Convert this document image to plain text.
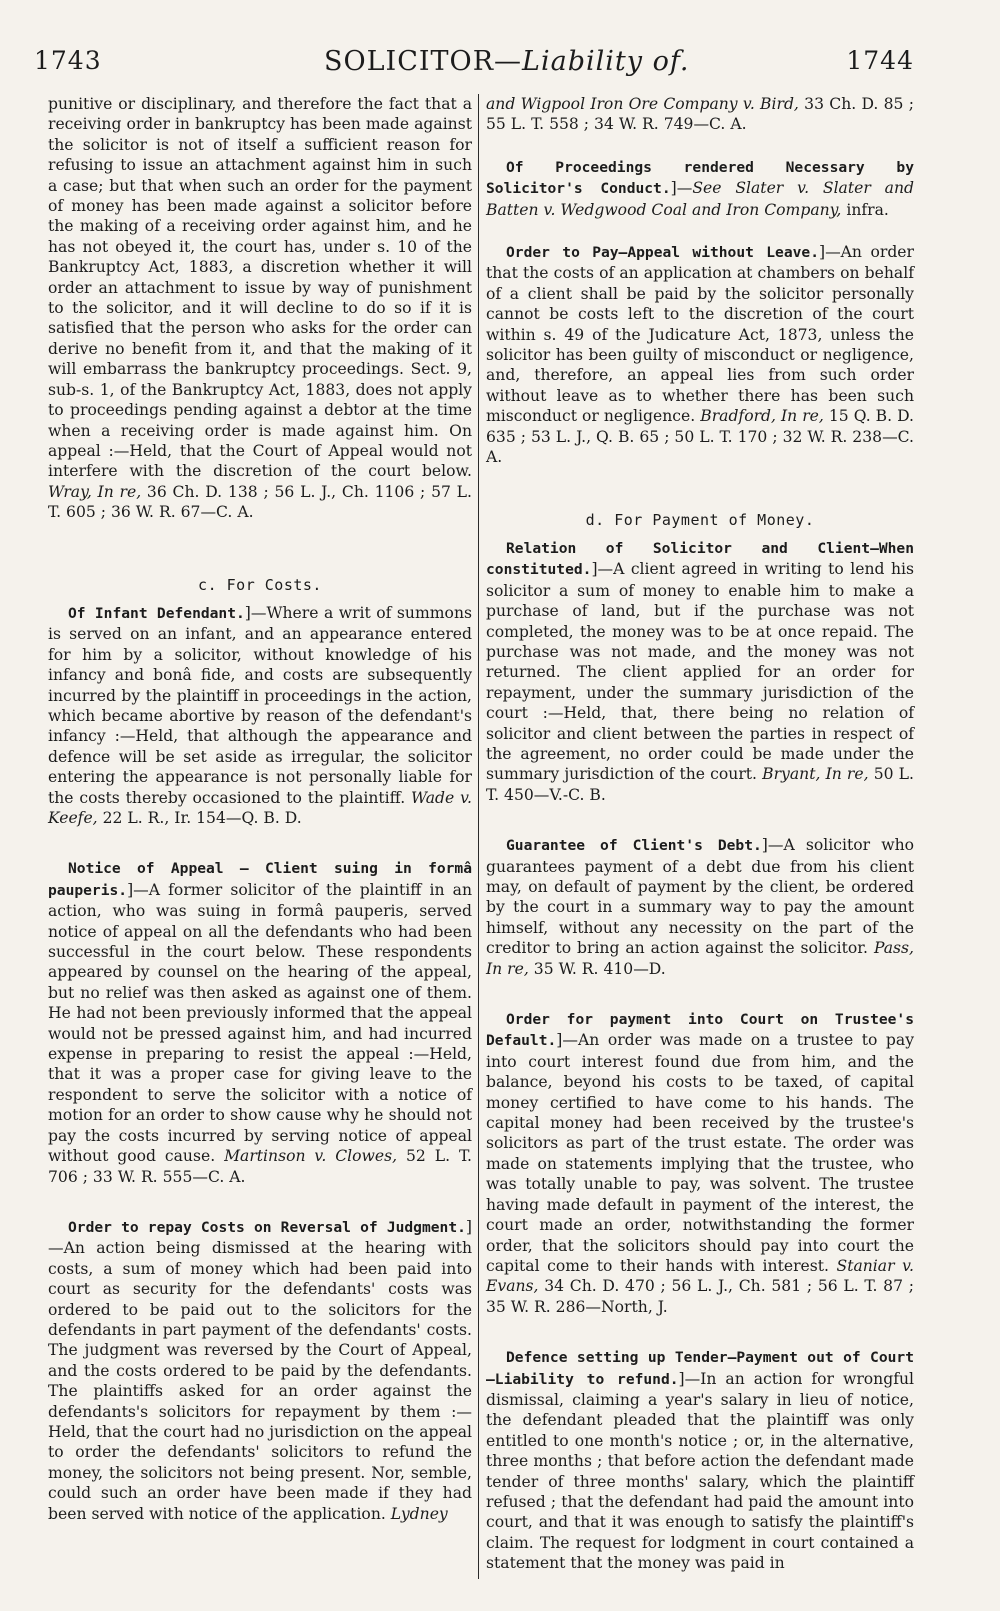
1743	SOLICITOR—Liability of.	1744

punitive or disciplinary, and therefore the fact that a receiving order in bankruptcy has been made against the solicitor is not of itself a sufficient reason for refusing to issue an attachment against him in such a case; but that when such an order for the payment of money has been made against a solicitor before the making of a receiving order against him, and he has not obeyed it, the court has, under s. 10 of the Bankruptcy Act, 1883, a discretion whether it will order an attachment to issue by way of punishment to the solicitor, and it will decline to do so if it is satisfied that the person who asks for the order can derive no benefit from it, and that the making of it will embarrass the bankruptcy proceedings. Sect. 9, sub-s. 1, of the Bankruptcy Act, 1883, does not apply to proceedings pending against a debtor at the time when a receiving order is made against him. On appeal :—Held, that the Court of Appeal would not interfere with the discretion of the court below. Wray, In re, 36 Ch. D. 138 ; 56 L. J., Ch. 1106 ; 57 L. T. 605 ; 36 W. R. 67—C. A.

c. For Costs.

Of Infant Defendant.]—Where a writ of summons is served on an infant, and an appearance entered for him by a solicitor, without knowledge of his infancy and bonâ fide, and costs are subsequently incurred by the plaintiff in proceedings in the action, which became abortive by reason of the defendant's infancy :—Held, that although the appearance and defence will be set aside as irregular, the solicitor entering the appearance is not personally liable for the costs thereby occasioned to the plaintiff. Wade v. Keefe, 22 L. R., Ir. 154—Q. B. D.

Notice of Appeal — Client suing in formâ pauperis.]—A former solicitor of the plaintiff in an action, who was suing in formâ pauperis, served notice of appeal on all the defendants who had been successful in the court below. These respondents appeared by counsel on the hearing of the appeal, but no relief was then asked as against one of them. He had not been previously informed that the appeal would not be pressed against him, and had incurred expense in preparing to resist the appeal :—Held, that it was a proper case for giving leave to the respondent to serve the solicitor with a notice of motion for an order to show cause why he should not pay the costs incurred by serving notice of appeal without good cause. Martinson v. Clowes, 52 L. T. 706 ; 33 W. R. 555—C. A.

Order to repay Costs on Reversal of Judgment.]—An action being dismissed at the hearing with costs, a sum of money which had been paid into court as security for the defendants' costs was ordered to be paid out to the solicitors for the defendants in part payment of the defendants' costs. The judgment was reversed by the Court of Appeal, and the costs ordered to be paid by the defendants. The plaintiffs asked for an order against the defendants's solicitors for repayment by them :—Held, that the court had no jurisdiction on the appeal to order the defendants' solicitors to refund the money, the solicitors not being present. Nor, semble, could such an order have been made if they had been served with notice of the application. Lydney

and Wigpool Iron Ore Company v. Bird, 33 Ch. D. 85 ; 55 L. T. 558 ; 34 W. R. 749—C. A.

Of Proceedings rendered Necessary by Solicitor's Conduct.]—See Slater v. Slater and Batten v. Wedgwood Coal and Iron Company, infra.

Order to Pay—Appeal without Leave.]—An order that the costs of an application at chambers on behalf of a client shall be paid by the solicitor personally cannot be costs left to the discretion of the court within s. 49 of the Judicature Act, 1873, unless the solicitor has been guilty of misconduct or negligence, and, therefore, an appeal lies from such order without leave as to whether there has been such misconduct or negligence. Bradford, In re, 15 Q. B. D. 635 ; 53 L. J., Q. B. 65 ; 50 L. T. 170 ; 32 W. R. 238—C. A.

d. For Payment of Money.

Relation of Solicitor and Client—When constituted.]—A client agreed in writing to lend his solicitor a sum of money to enable him to make a purchase of land, but if the purchase was not completed, the money was to be at once repaid. The purchase was not made, and the money was not returned. The client applied for an order for repayment, under the summary jurisdiction of the court :—Held, that, there being no relation of solicitor and client between the parties in respect of the agreement, no order could be made under the summary jurisdiction of the court. Bryant, In re, 50 L. T. 450—V.-C. B.

Guarantee of Client's Debt.]—A solicitor who guarantees payment of a debt due from his client may, on default of payment by the client, be ordered by the court in a summary way to pay the amount himself, without any necessity on the part of the creditor to bring an action against the solicitor. Pass, In re, 35 W. R. 410—D.

Order for payment into Court on Trustee's Default.]—An order was made on a trustee to pay into court interest found due from him, and the balance, beyond his costs to be taxed, of capital money certified to have come to his hands. The capital money had been received by the trustee's solicitors as part of the trust estate. The order was made on statements implying that the trustee, who was totally unable to pay, was solvent. The trustee having made default in payment of the interest, the court made an order, notwithstanding the former order, that the solicitors should pay into court the capital come to their hands with interest. Staniar v. Evans, 34 Ch. D. 470 ; 56 L. J., Ch. 581 ; 56 L. T. 87 ; 35 W. R. 286—North, J.

Defence setting up Tender—Payment out of Court—Liability to refund.]—In an action for wrongful dismissal, claiming a year's salary in lieu of notice, the defendant pleaded that the plaintiff was only entitled to one month's notice ; or, in the alternative, three months ; that before action the defendant made tender of three months' salary, which the plaintiff refused ; that the defendant had paid the amount into court, and that it was enough to satisfy the plaintiff's claim. The request for lodgment in court contained a statement that the money was paid in
